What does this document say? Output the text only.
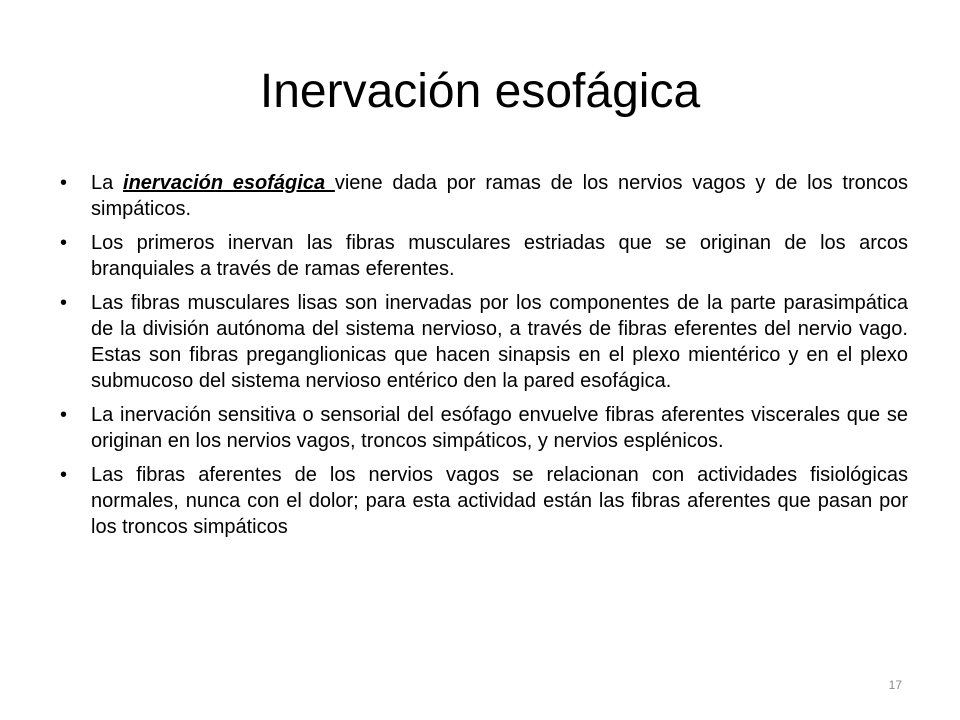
Inervación esofágica
• La inervación esofágica viene dada por ramas de los nervios vagos y de los troncos simpáticos.
• Los primeros inervan las fibras musculares estriadas que se originan de los arcos branquiales a través de ramas eferentes.
• Las fibras musculares lisas son inervadas por los componentes de la parte parasimpática de la división autónoma del sistema nervioso, a través de fibras eferentes del nervio vago. Estas son fibras preganglionicas que hacen sinapsis en el plexo mientérico y en el plexo submucoso del sistema nervioso entérico den la pared esofágica.
• La inervación sensitiva o sensorial del esófago envuelve fibras aferentes viscerales que se originan en los nervios vagos, troncos simpáticos, y nervios esplénicos.
• Las fibras aferentes de los nervios vagos se relacionan con actividades fisiológicas normales, nunca con el dolor; para esta actividad están las fibras aferentes que pasan por los troncos simpáticos
17
